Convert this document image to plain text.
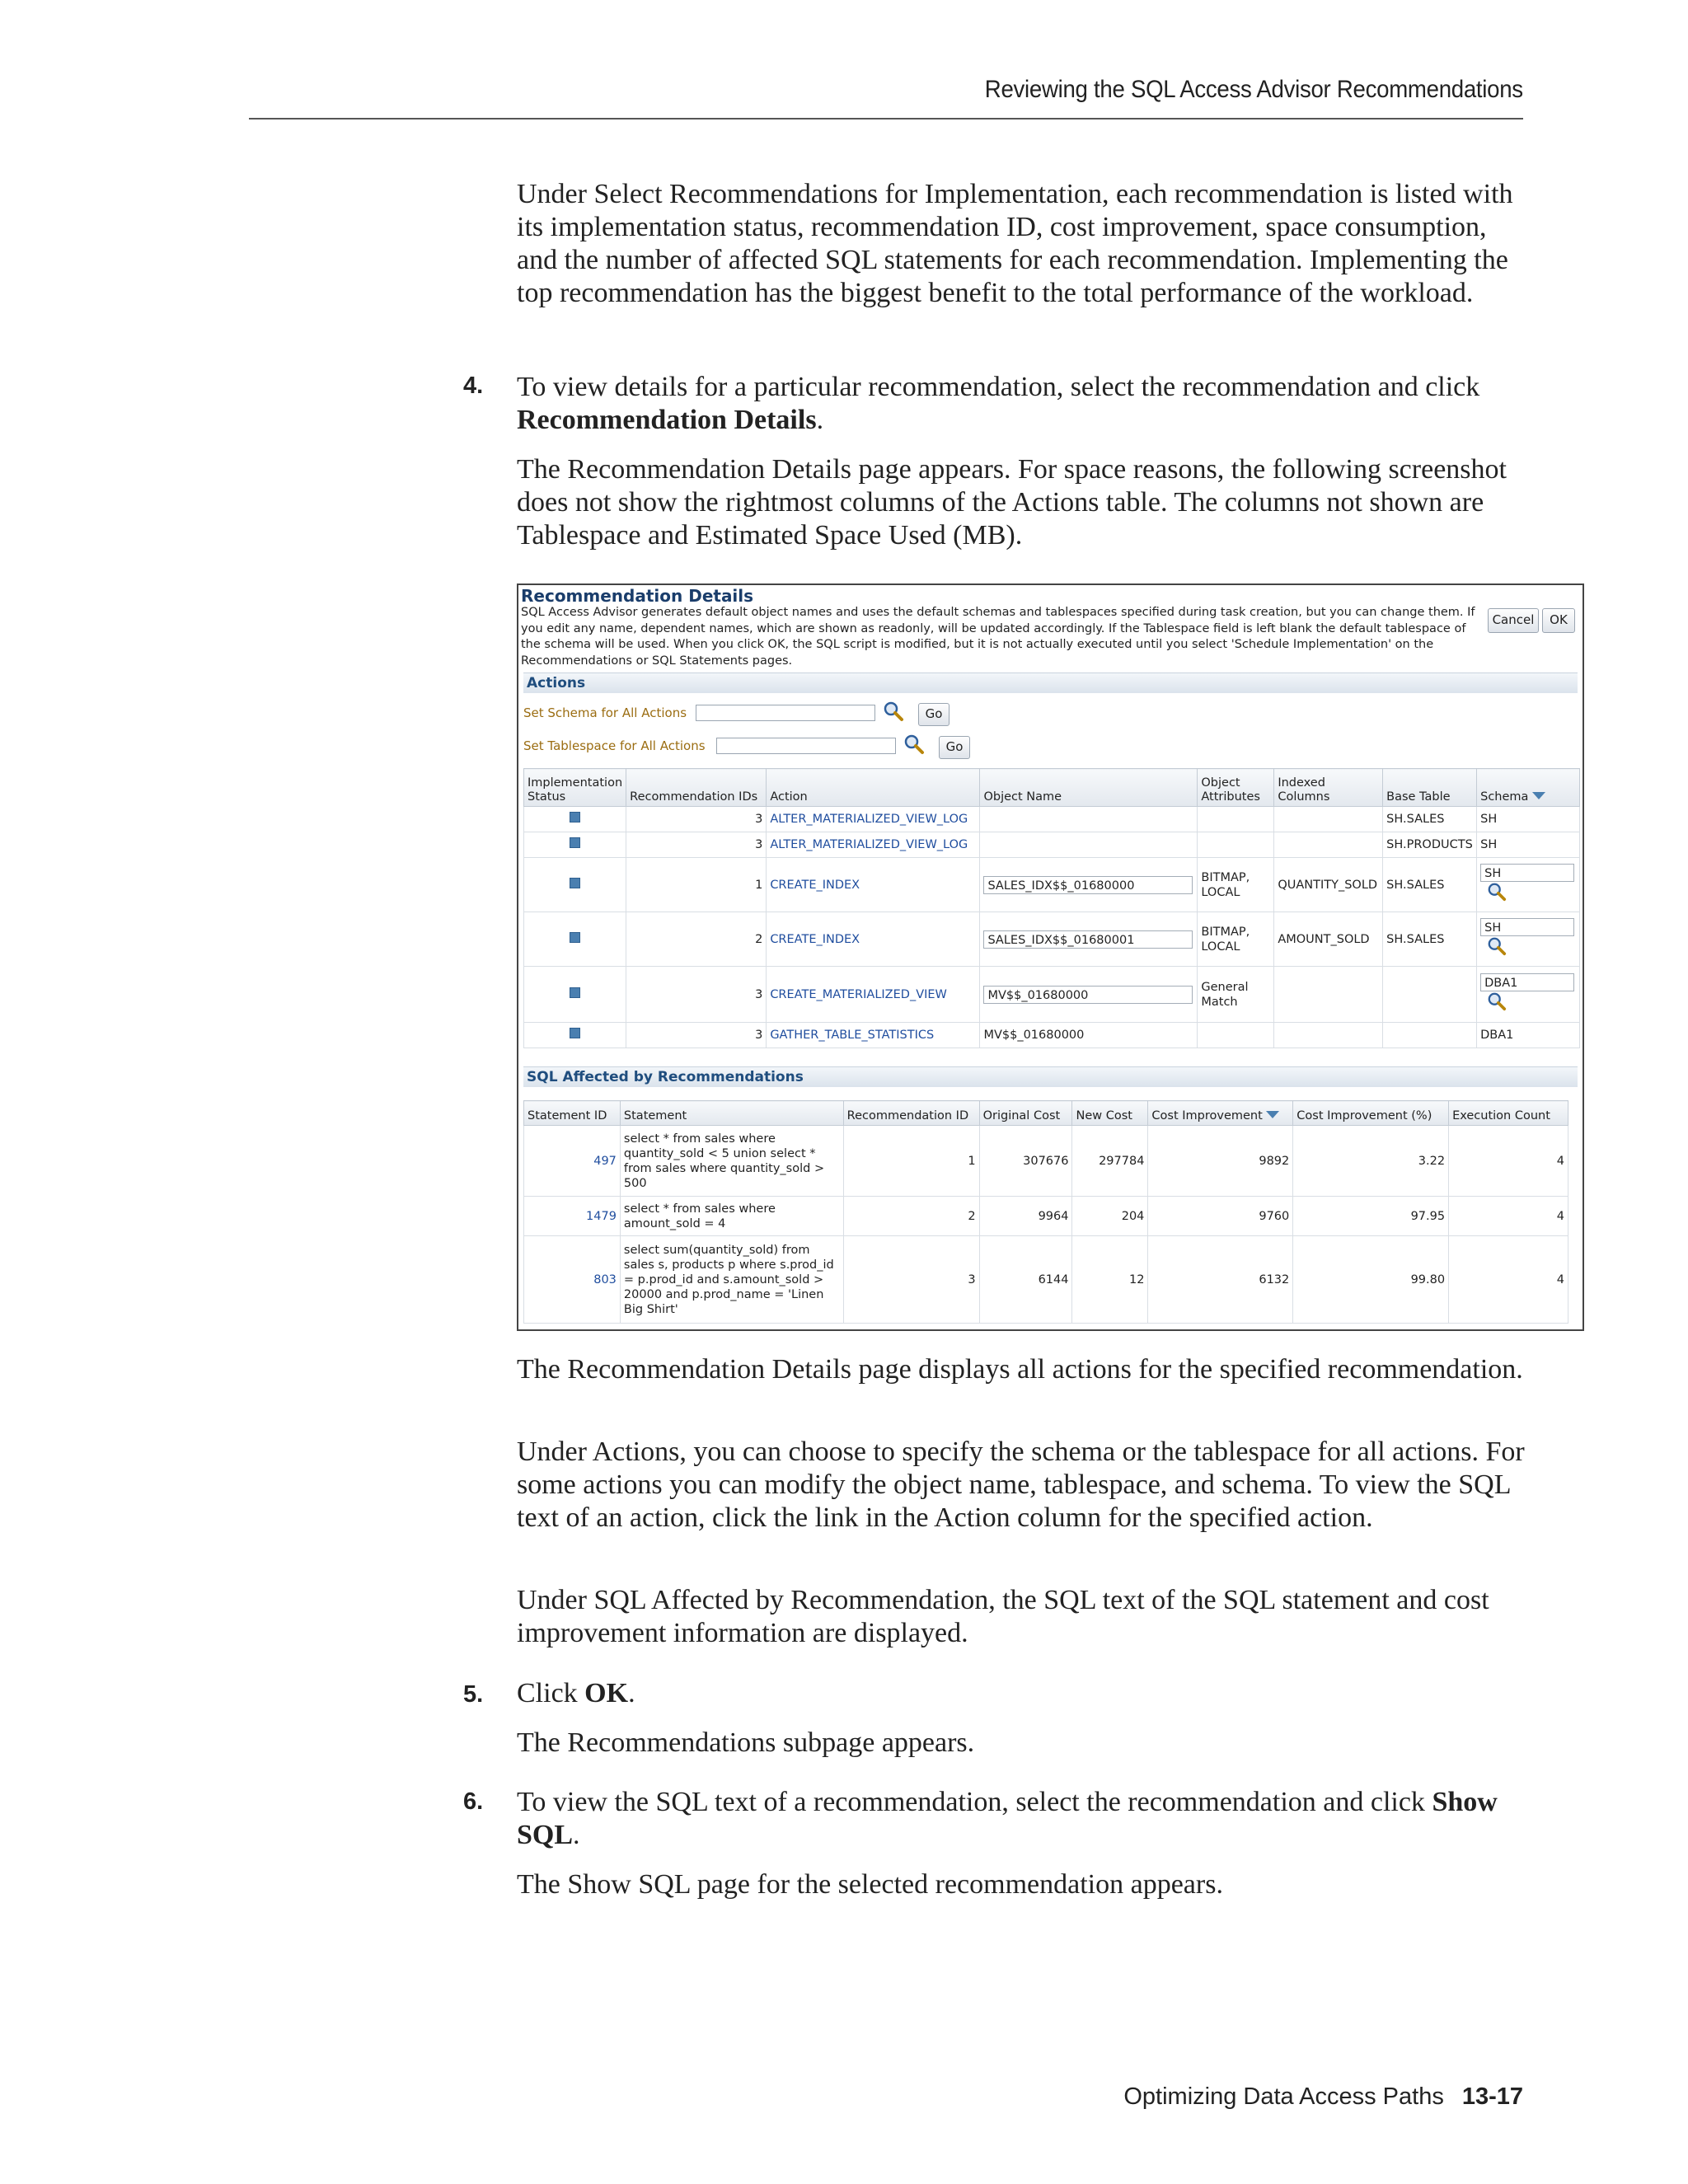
Reviewing the SQL Access Advisor Recommendations

Under Select Recommendations for Implementation, each recommendation is listed with its implementation status, recommendation ID, cost improvement, space consumption, and the number of affected SQL statements for each recommendation. Implementing the top recommendation has the biggest benefit to the total performance of the workload.

4. To view details for a particular recommendation, select the recommendation and click Recommendation Details.

The Recommendation Details page appears. For space reasons, the following screenshot does not show the rightmost columns of the Actions table. The columns not shown are Tablespace and Estimated Space Used (MB).

Recommendation Details
SQL Access Advisor generates default object names and uses the default schemas and tablespaces specified during task creation, but you can change them. If you edit any name, dependent names, which are shown as readonly, will be updated accordingly. If the Tablespace field is left blank the default tablespace of the schema will be used. When you click OK, the SQL script is modified, but it is not actually executed until you select 'Schedule Implementation' on the Recommendations or SQL Statements pages.
Cancel	OK
Actions
Set Schema for All Actions	Go
Set Tablespace for All Actions	Go
Implementation Status	Recommendation IDs	Action	Object Name	Object Attributes	Indexed Columns	Base Table	Schema
	3	ALTER_MATERIALIZED_VIEW_LOG				SH.SALES	SH
	3	ALTER_MATERIALIZED_VIEW_LOG				SH.PRODUCTS	SH
	1	CREATE_INDEX	SALES_IDX$$_01680000	BITMAP, LOCAL	QUANTITY_SOLD	SH.SALES	SH

	2	CREATE_INDEX	SALES_IDX$$_01680001	BITMAP, LOCAL	AMOUNT_SOLD	SH.SALES	SH

	3	CREATE_MATERIALIZED_VIEW	MV$$_01680000	General Match			DBA1

	3	GATHER_TABLE_STATISTICS	MV$$_01680000				DBA1
SQL Affected by Recommendations
Statement ID	Statement	Recommendation ID	Original Cost	New Cost	Cost Improvement	Cost Improvement (%)	Execution Count
497	select * from sales where quantity_sold < 5 union select * from sales where quantity_sold > 500	1	307676	297784	9892	3.22	4
1479	select * from sales where amount_sold = 4	2	9964	204	9760	97.95	4
803	select sum(quantity_sold) from sales s, products p where s.prod_id = p.prod_id and s.amount_sold > 20000 and p.prod_name = 'Linen Big Shirt'	3	6144	12	6132	99.80	4

The Recommendation Details page displays all actions for the specified recommendation.

Under Actions, you can choose to specify the schema or the tablespace for all actions. For some actions you can modify the object name, tablespace, and schema. To view the SQL text of an action, click the link in the Action column for the specified action.

Under SQL Affected by Recommendation, the SQL text of the SQL statement and cost improvement information are displayed.

5. Click OK.

The Recommendations subpage appears.

6. To view the SQL text of a recommendation, select the recommendation and click Show SQL.

The Show SQL page for the selected recommendation appears.

Optimizing Data Access Paths 13-17
